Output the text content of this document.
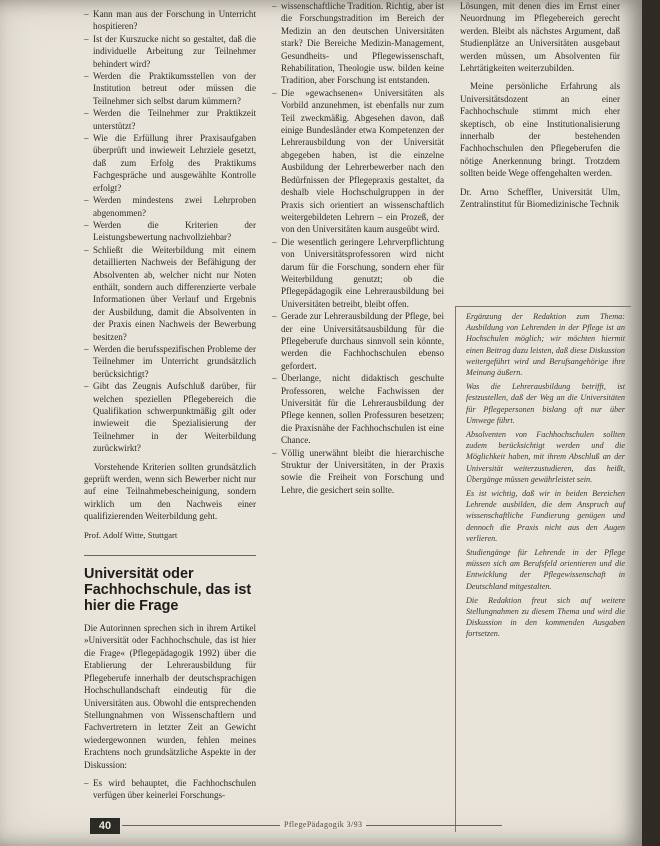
– Kann man aus der Forschung in Unterricht hospitieren?
– Ist der Kurszucke nicht so gestaltet, daß die individuelle Arbeitung zur Teilnehmer behindert wird?
– Werden die Praktikumsstellen von der Institution betreut oder müssen die Teilnehmer sich selbst darum kümmern?
– Werden die Teilnehmer zur Praktikzeit unterstützt?
– Wie die Erfüllung ihrer Praxisaufgaben überprüft und inwieweit Lehrziele gesetzt, daß zum Erfolg des Praktikums Fachgespräche und ausgewählte Kontrolle erfolgt?
– Werden mindestens zwei Lehrproben abgenommen?
– Werden die Kriterien der Leistungsbewertung nachvollziehbar?
– Schließt die Weiterbildung mit einem detaillierten Nachweis der Befähigung der Absolventen ab, welcher nicht nur Noten enthält, sondern auch differenzierte verbale Informationen über Verlauf und Ergebnis der Ausbildung, damit die Absolventen in der Praxis einen Nachweis der Bewerbung besitzen?
– Werden die berufsspezifischen Probleme der Teilnehmer im Unterricht grundsätzlich berücksichtigt?
– Gibt das Zeugnis Aufschluß darüber, für welchen speziellen Pflegebereich die Qualifikation schwerpunktmäßig gilt oder inwieweit die Spezialisierung der Teilnehmer in der Weiterbildung zurückwirkt?

Vorstehende Kriterien sollten grundsätzlich geprüft werden, wenn sich Bewerber nicht nur auf eine Teilnahmebescheinigung, sondern wirklich um den Nachweis einer qualifizierenden Weiterbildung geht.

Prof. Adolf Witte, Stuttgart
Universität oder Fachhochschule, das ist hier die Frage

Die Autorinnen sprechen sich in ihrem Artikel »Universität oder Fachhochschule, das ist hier die Frage« (Pflegepädagogik 1992) über die Etablierung der Lehrerausbildung für Pflegeberufe innerhalb der deutschsprachigen Hochschullandschaft eindeutig für die Universitäten aus. Obwohl die entsprechenden Stellungnahmen von Wissenschaftlern und Fachvertretern in letzter Zeit an Gewicht wiedergewonnen wurden, fehlen meines Erachtens noch grundsätzliche Aspekte in der Diskussion:

– Es wird behauptet, die Fachhochschulen verfügen über keinerlei Forschungs-
– wissenschaftliche Tradition. Richtig, aber ist die Forschungstradition im Bereich der Medizin an den deutschen Universitäten stark? Die Bereiche Medizin-Management, Gesundheits- und Pflegewissenschaft, Rehabilitation, Theologie usw. bilden keine Tradition, aber Forschung ist entstanden.
– Die »gewachsenen« Universitäten als Vorbild anzunehmen, ist ebenfalls nur zum Teil zweckmäßig. Abgesehen davon, daß einige Bundesländer etwa Kompetenzen der Lehrerausbildung von der Universität abgegeben haben, ist die einzelne Ausbildung der Lehrerbewerber nach den Bedürfnissen der Pflegepraxis gestaltet, da deshalb viele Hochschulgruppen in der Praxis sich orientiert an wissenschaftlich weitergebildeten Lehrern – ein Prozeß, der von den Universitäten kaum ausgeübt wird.
– Die wesentlich geringere Lehrverpflichtung von Universitätsprofessoren wird nicht darum für die Forschung, sondern eher für Weiterbildung genutzt; ob die Pflegepädagogik eine Lehrerausbildung bei Universitäten betreibt, bleibt offen.
– Gerade zur Lehrerausbildung der Pflege, bei der eine Universitätsausbildung für die Pflegeberufe durchaus sinnvoll sein könnte, werden die Fachhochschulen ebenso gefordert.
– Überlange, nicht didaktisch geschulte Professoren, welche Fachwissen der Universität für die Lehrerausbildung der Pflege kennen, sollen Professuren besetzen; die Praxisnähe der Fachhochschulen ist eine Chance.
– Völlig unerwähnt bleibt die hierarchische Struktur der Universitäten, in der Praxis sowie die Freiheit von Forschung und Lehre, die gesichert sein sollte.

Lösungen, mit denen dies im Ernst einer Neuordnung im Pflegebereich gerecht werden. Bleibt als nächstes Argument, daß Studienplätze an Universitäten ausgebaut werden müssen, um Absolventen für Lehrtätigkeiten weiterzubilden.

Meine persönliche Erfahrung als Universitätsdozent an einer Fachhochschule stimmt mich eher skeptisch, ob eine Institutionalisierung innerhalb der bestehenden Fachhochschulen den Pflegeberufen die nötige Anerkennung bringt. Trotzdem sollten beide Wege offengehalten werden.

Dr. Arno Scheffler, Universität Ulm, Zentralinstitut für Biomedizinische Technik

Ergänzung der Redaktion zum Thema: Ausbildung von Lehrenden in der Pflege ist an Hochschulen möglich; wir möchten hiermit einen Beitrag dazu leisten, daß diese Diskussion weitergeführt wird und Berufsangehörige ihre Meinung äußern.

Was die Lehrerausbildung betrifft, ist festzustellen, daß der Weg an die Universitäten für Pflegepersonen bislang oft nur über Umwege führt.

Absolventen von Fachhochschulen sollten zudem berücksichtigt werden und die Möglichkeit haben, mit ihrem Abschluß an der Universität weiterzustudieren, das heißt, Übergänge müssen gewährleistet sein.

Es ist wichtig, daß wir in beiden Bereichen Lehrende ausbilden, die dem Anspruch auf wissenschaftliche Fundierung genügen und dennoch die Praxis nicht aus den Augen verlieren.

Studiengänge für Lehrende in der Pflege müssen sich am Berufsfeld orientieren und die Entwicklung der Pflegewissenschaft in Deutschland mitgestalten.

Die Redaktion freut sich auf weitere Stellungnahmen zu diesem Thema und wird die Diskussion in den kommenden Ausgaben fortsetzen.

40	PflegePädagogik 3/93
